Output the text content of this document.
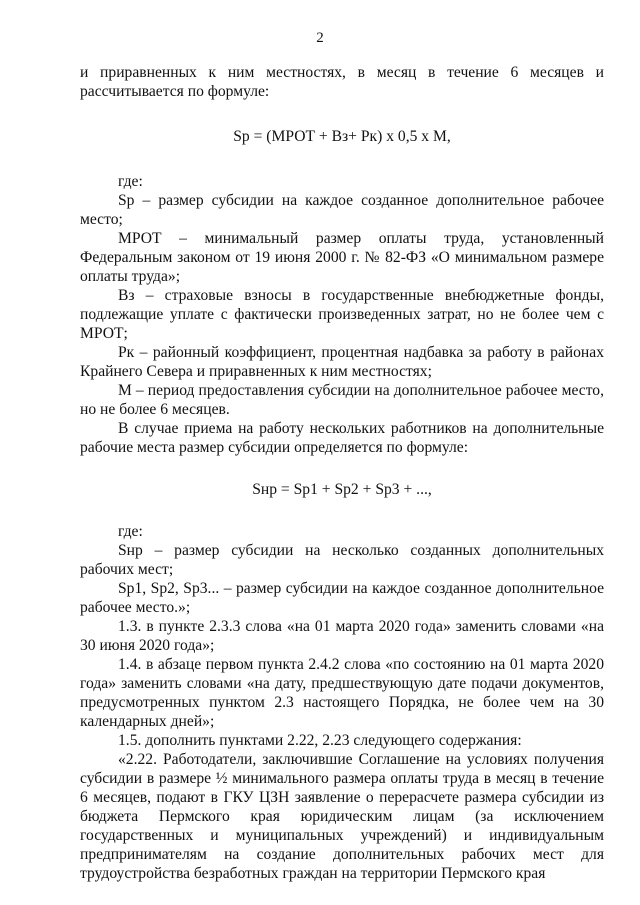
2

и приравненных к ним местностях, в месяц в течение 6 месяцев и рассчитывается по формуле:

Sр = (МРОТ + Вз+ Рк) х 0,5 х М,

где:

Sр – размер субсидии на каждое созданное дополнительное рабочее место;

МРОТ – минимальный размер оплаты труда, установленный Федеральным законом от 19 июня 2000 г. № 82-ФЗ «О минимальном размере оплаты труда»;

Вз – страховые взносы в государственные внебюджетные фонды, подлежащие уплате с фактически произведенных затрат, но не более чем с МРОТ;

Рк – районный коэффициент, процентная надбавка за работу в районах Крайнего Севера и приравненных к ним местностях;

М – период предоставления субсидии на дополнительное рабочее место, но не более 6 месяцев.

В случае приема на работу нескольких работников на дополнительные рабочие места размер субсидии определяется по формуле:

Sнр = Sр1 + Sр2 + Sр3 + ...,

где:

Sнр – размер субсидии на несколько созданных дополнительных рабочих мест;

Sр1, Sр2, Sр3... – размер субсидии на каждое созданное дополнительное рабочее место.»;

1.3. в пункте 2.3.3 слова «на 01 марта 2020 года» заменить словами «на 30 июня 2020 года»;

1.4. в абзаце первом пункта 2.4.2 слова «по состоянию на 01 марта 2020 года» заменить словами «на дату, предшествующую дате подачи документов, предусмотренных пунктом 2.3 настоящего Порядка, не более чем на 30 календарных дней»;

1.5. дополнить пунктами 2.22, 2.23 следующего содержания:

«2.22. Работодатели, заключившие Соглашение на условиях получения субсидии в размере ½ минимального размера оплаты труда в месяц в течение 6 месяцев, подают в ГКУ ЦЗН заявление о перерасчете размера субсидии из бюджета Пермского края юридическим лицам (за исключением государственных и муниципальных учреждений) и индивидуальным предпринимателям на создание дополнительных рабочих мест для трудоустройства безработных граждан на территории Пермского края
